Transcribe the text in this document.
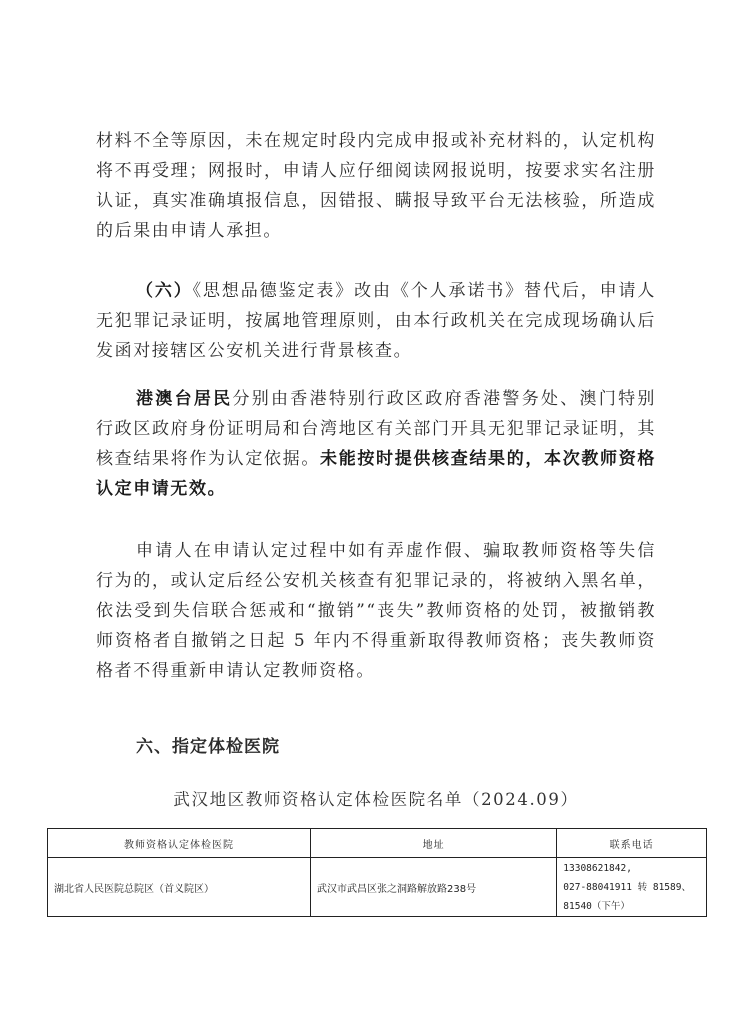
材料不全等原因，未在规定时段内完成申报或补充材料的，认定机构将不再受理；网报时，申请人应仔细阅读网报说明，按要求实名注册认证，真实准确填报信息，因错报、瞒报导致平台无法核验，所造成的后果由申请人承担。

（六）《思想品德鉴定表》改由《个人承诺书》替代后，申请人无犯罪记录证明，按属地管理原则，由本行政机关在完成现场确认后发函对接辖区公安机关进行背景核查。

港澳台居民分别由香港特别行政区政府香港警务处、澳门特别行政区政府身份证明局和台湾地区有关部门开具无犯罪记录证明，其核查结果将作为认定依据。未能按时提供核查结果的，本次教师资格认定申请无效。

申请人在申请认定过程中如有弄虚作假、骗取教师资格等失信行为的，或认定后经公安机关核查有犯罪记录的，将被纳入黑名单，依法受到失信联合惩戒和“撤销”“丧失”教师资格的处罚，被撤销教师资格者自撤销之日起 5 年内不得重新取得教师资格；丧失教师资格者不得重新申请认定教师资格。

六、指定体检医院

武汉地区教师资格认定体检医院名单（2024.09）

教师资格认定体检医院	地址	联系电话
湖北省人民医院总院区（首义院区）	武汉市武昌区张之洞路解放路238号	13308621842,
027-88041911 转 81589、
81540（下午）
